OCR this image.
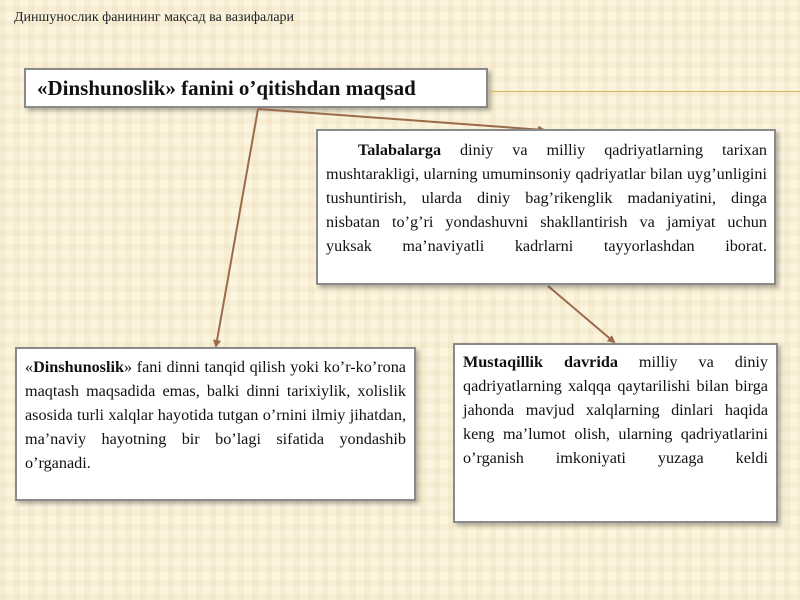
Диншунослик фанининг мақсад ва вазифалари
«Dinshunoslik» fanini o’qitishdan maqsad

Talabalarga diniy va milliy qadriyatlarning tarixan mushtarakligi, ularning umuminsoniy qadriyatlar bilan uyg’unligini tushuntirish, ularda diniy bag’rikenglik madaniyatini, dinga nisbatan to’g’ri yondashuvni shakllantirish va jamiyat uchun yuksak ma’naviyatli kadrlarni tayyorlashdan iborat.

«Dinshunoslik» fani dinni tanqid qilish yoki ko’r-ko’rona maqtash maqsadida emas, balki dinni tarixiylik, xolislik asosida turli xalqlar hayotida tutgan o’rnini ilmiy jihatdan, ma’naviy hayotning bir bo’lagi sifatida yondashib o’rganadi.

Mustaqillik davrida milliy va diniy qadriyatlarning xalqqa qaytarilishi bilan birga jahonda mavjud xalqlarning dinlari haqida keng ma’lumot olish, ularning qadriyatlarini o’rganish imkoniyati yuzaga keldi
